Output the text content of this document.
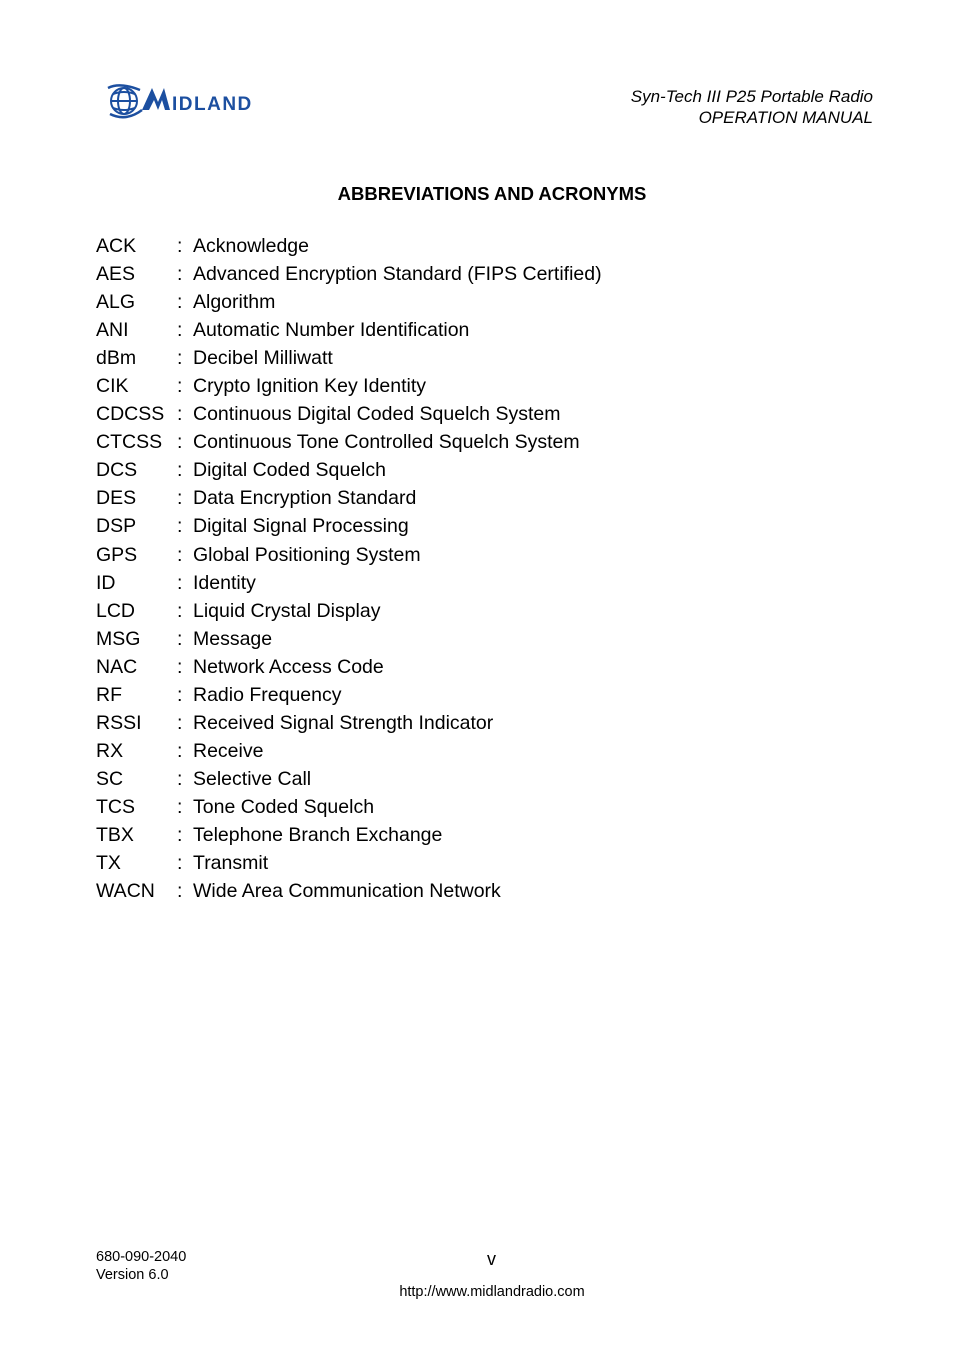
IDLAND	Syn-Tech III P25 Portable Radio
OPERATION MANUAL
ABBREVIATIONS AND ACRONYMS
ACK	: Acknowledge
AES	: Advanced Encryption Standard (FIPS Certified)
ALG	: Algorithm
ANI	: Automatic Number Identification
dBm	: Decibel Milliwatt
CIK	: Crypto Ignition Key Identity
CDCSS : Continuous Digital Coded Squelch System
CTCSS : Continuous Tone Controlled Squelch System
DCS	: Digital Coded Squelch
DES	: Data Encryption Standard
DSP	: Digital Signal Processing
GPS	: Global Positioning System
ID	: Identity
LCD	: Liquid Crystal Display
MSG	: Message
NAC	: Network Access Code
RF	: Radio Frequency
RSSI	: Received Signal Strength Indicator
RX	: Receive
SC	: Selective Call
TCS	: Tone Coded Squelch
TBX	: Telephone Branch Exchange
TX	: Transmit
WACN	: Wide Area Communication Network
680-090-2040
Version 6.0
v
http://www.midlandradio.com
